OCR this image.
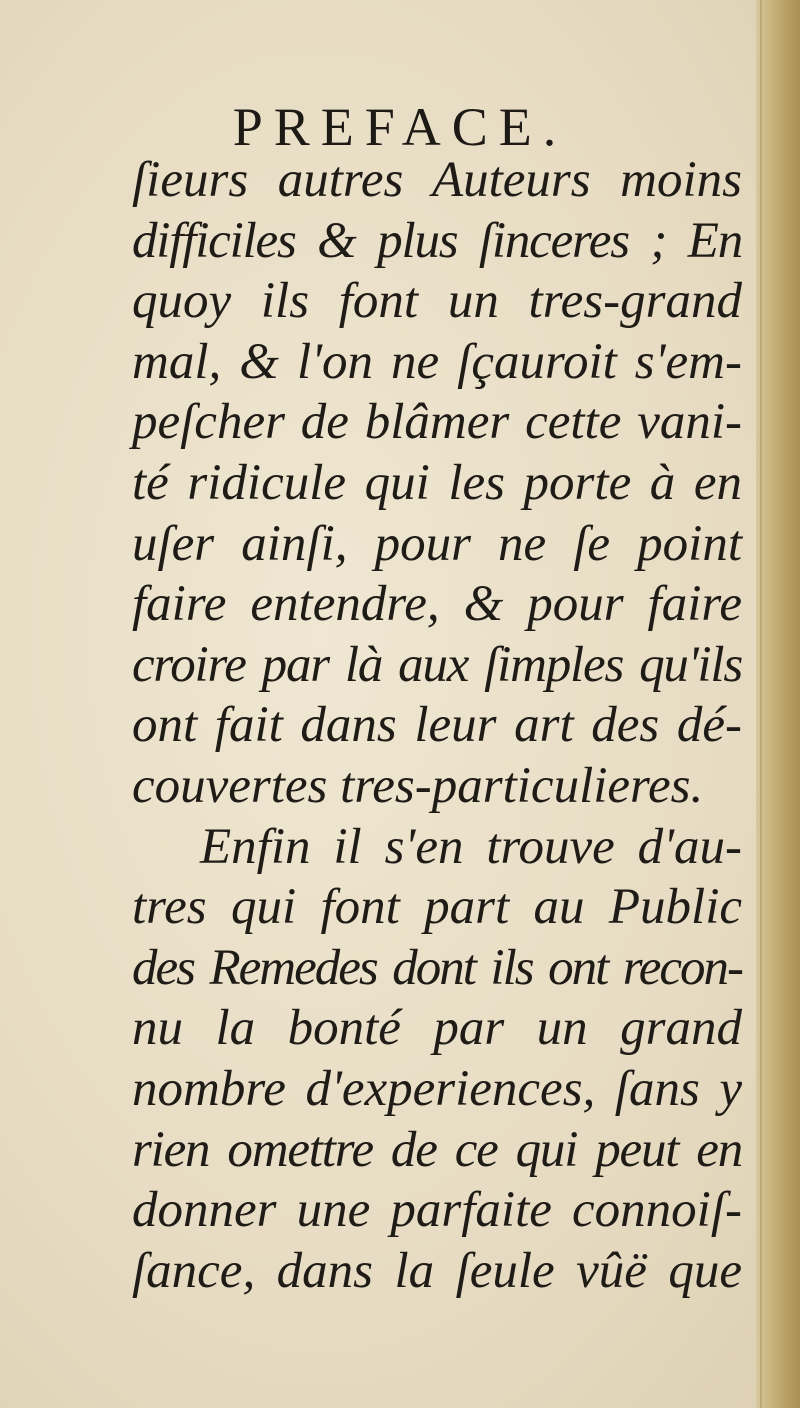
PREFACE.
ſieurs autres Auteurs moins
difficiles & plus ſinceres ; En
quoy ils font un tres-grand
mal, & l'on ne ſçauroit s'em-
peſcher de blâmer cette vani-
té ridicule qui les porte à en
uſer ainſi, pour ne ſe point
faire entendre, & pour faire
croire par là aux ſimples qu'ils
ont fait dans leur art des dé-
couvertes tres-particulieres.
Enfin il s'en trouve d'au-
tres qui font part au Public
des Remedes dont ils ont recon-
nu la bonté par un grand
nombre d'experiences, ſans y
rien omettre de ce qui peut en
donner une parfaite connoiſ-
ſance, dans la ſeule vûë que
